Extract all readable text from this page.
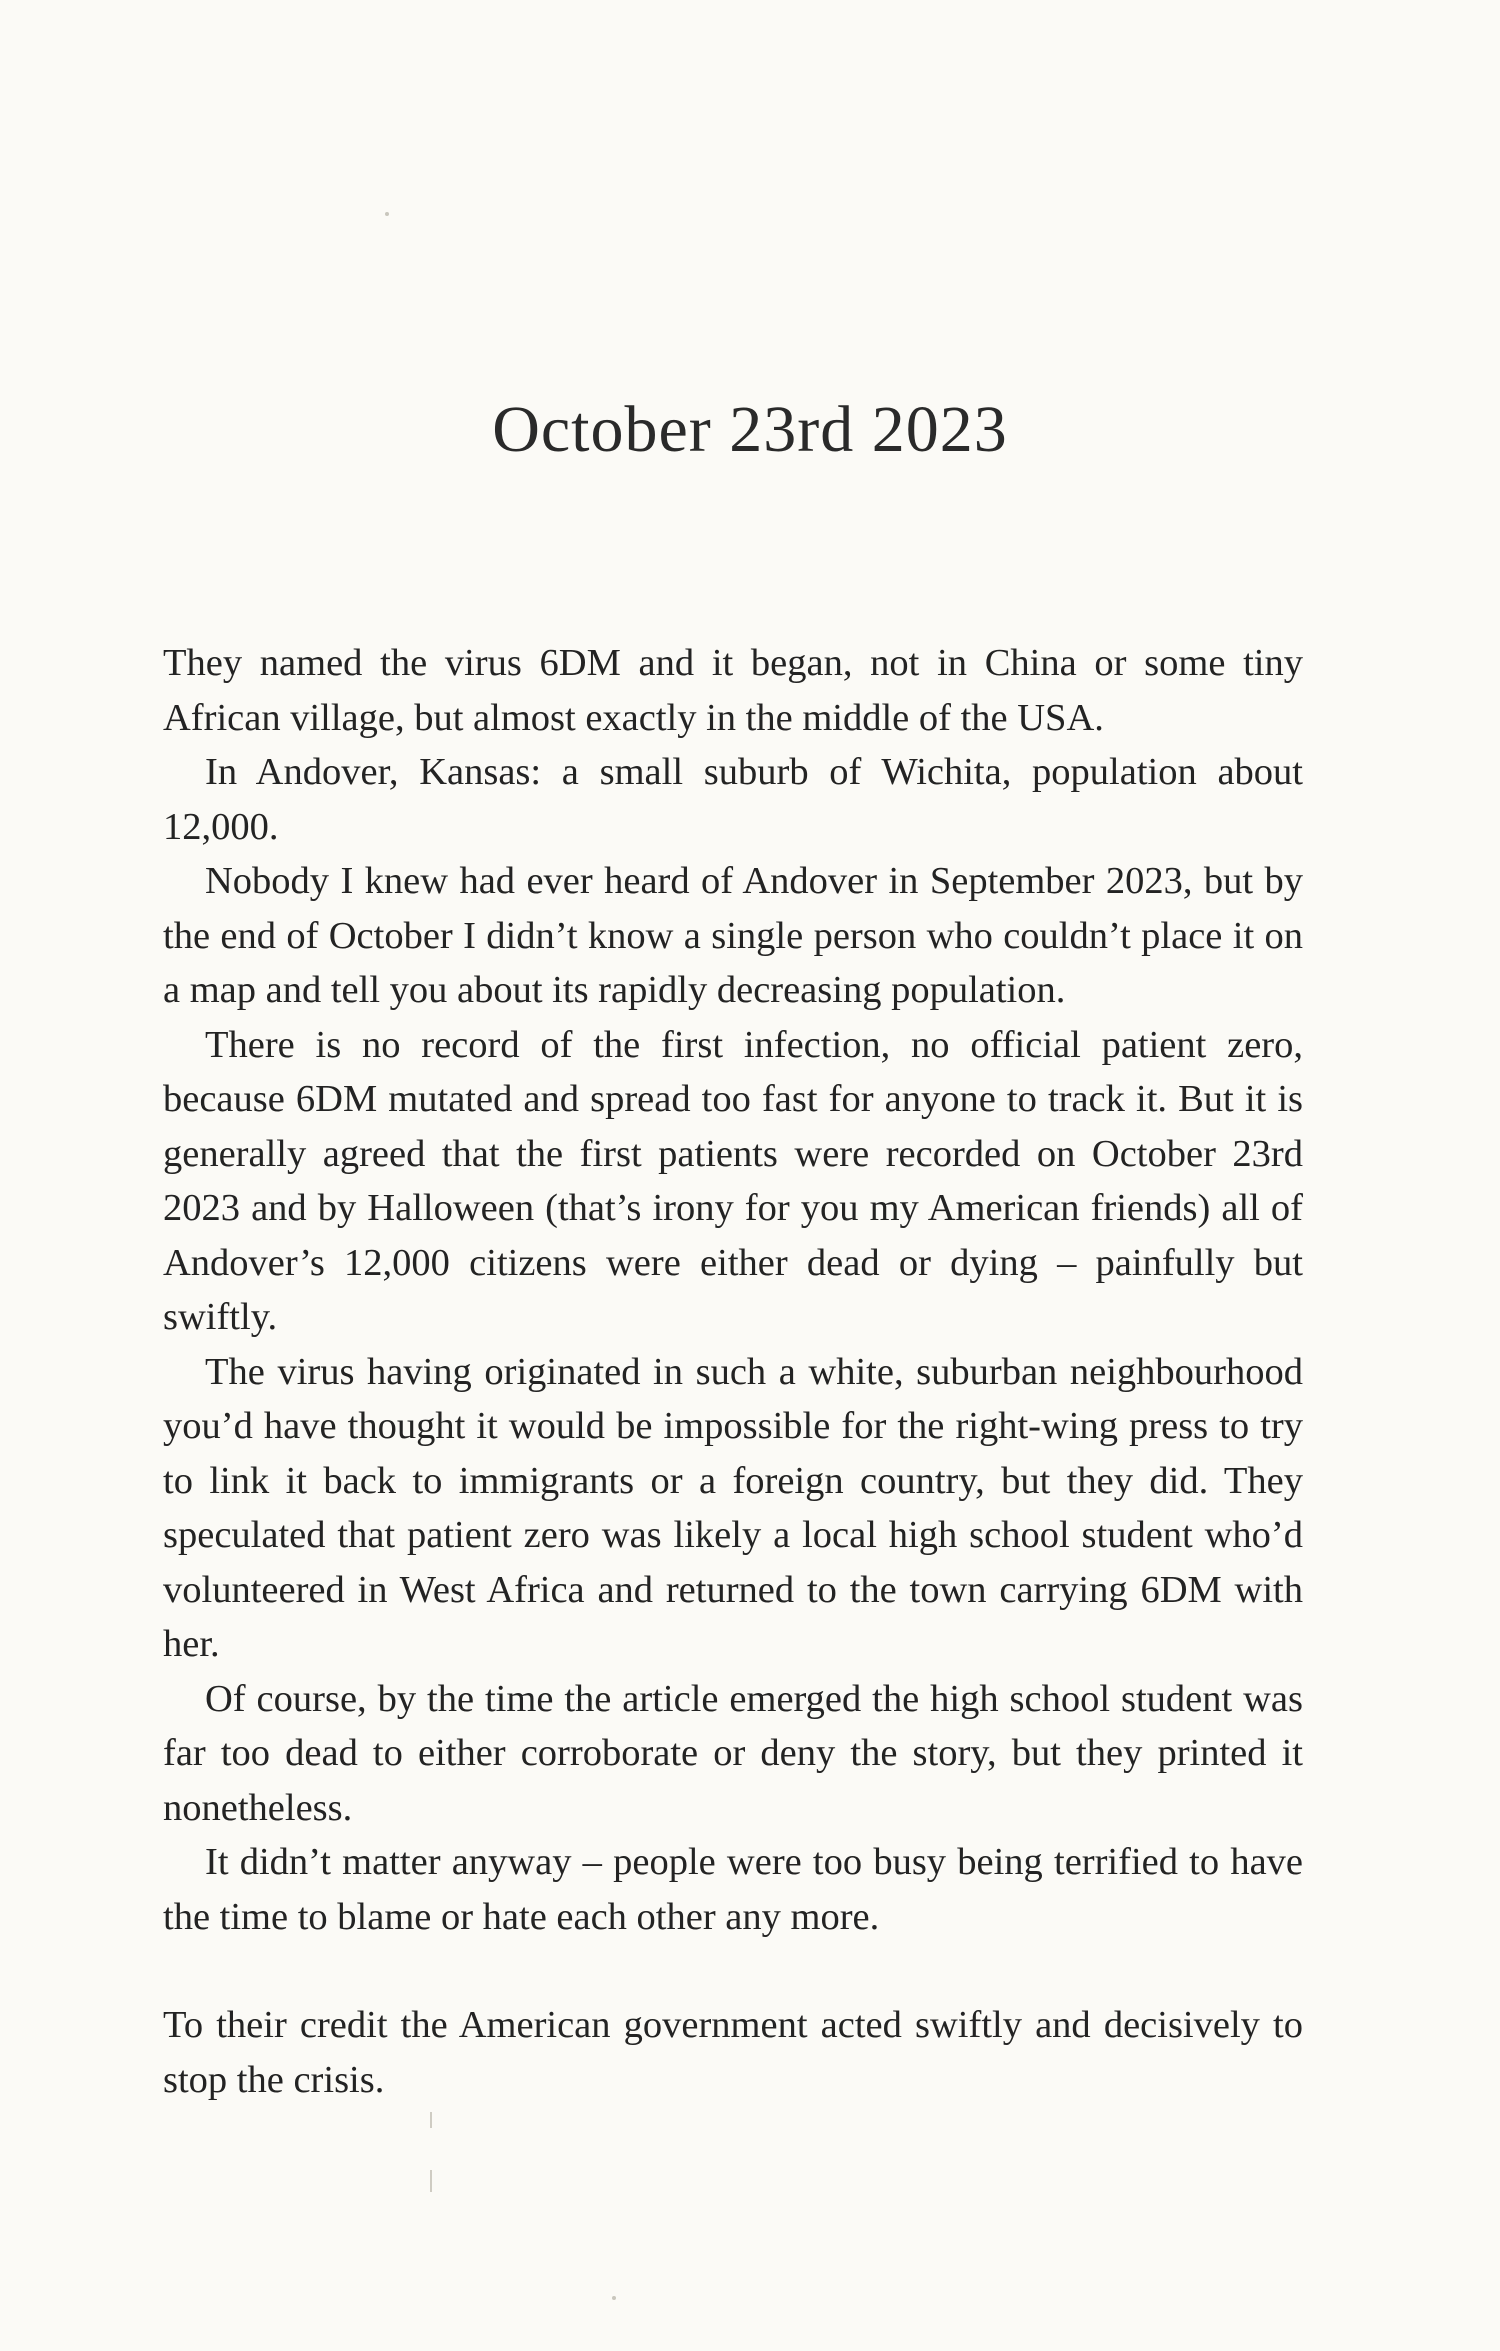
October 23rd 2023

They named the virus 6DM and it began, not in China or some tiny African village, but almost exactly in the middle of the USA.

In Andover, Kansas: a small suburb of Wichita, population about 12,000.

Nobody I knew had ever heard of Andover in September 2023, but by the end of October I didn’t know a single person who couldn’t place it on a map and tell you about its rapidly decreasing population.

There is no record of the first infection, no official patient zero, because 6DM mutated and spread too fast for anyone to track it. But it is generally agreed that the first patients were recorded on October 23rd 2023 and by Halloween (that’s irony for you my American friends) all of Andover’s 12,000 citizens were either dead or dying – painfully but swiftly.

The virus having originated in such a white, suburban neighbourhood you’d have thought it would be impossible for the right-wing press to try to link it back to immigrants or a foreign country, but they did. They speculated that patient zero was likely a local high school student who’d volunteered in West Africa and returned to the town carrying 6DM with her.

Of course, by the time the article emerged the high school student was far too dead to either corroborate or deny the story, but they printed it nonetheless.

It didn’t matter anyway – people were too busy being terrified to have the time to blame or hate each other any more.

To their credit the American government acted swiftly and decisively to stop the crisis.
